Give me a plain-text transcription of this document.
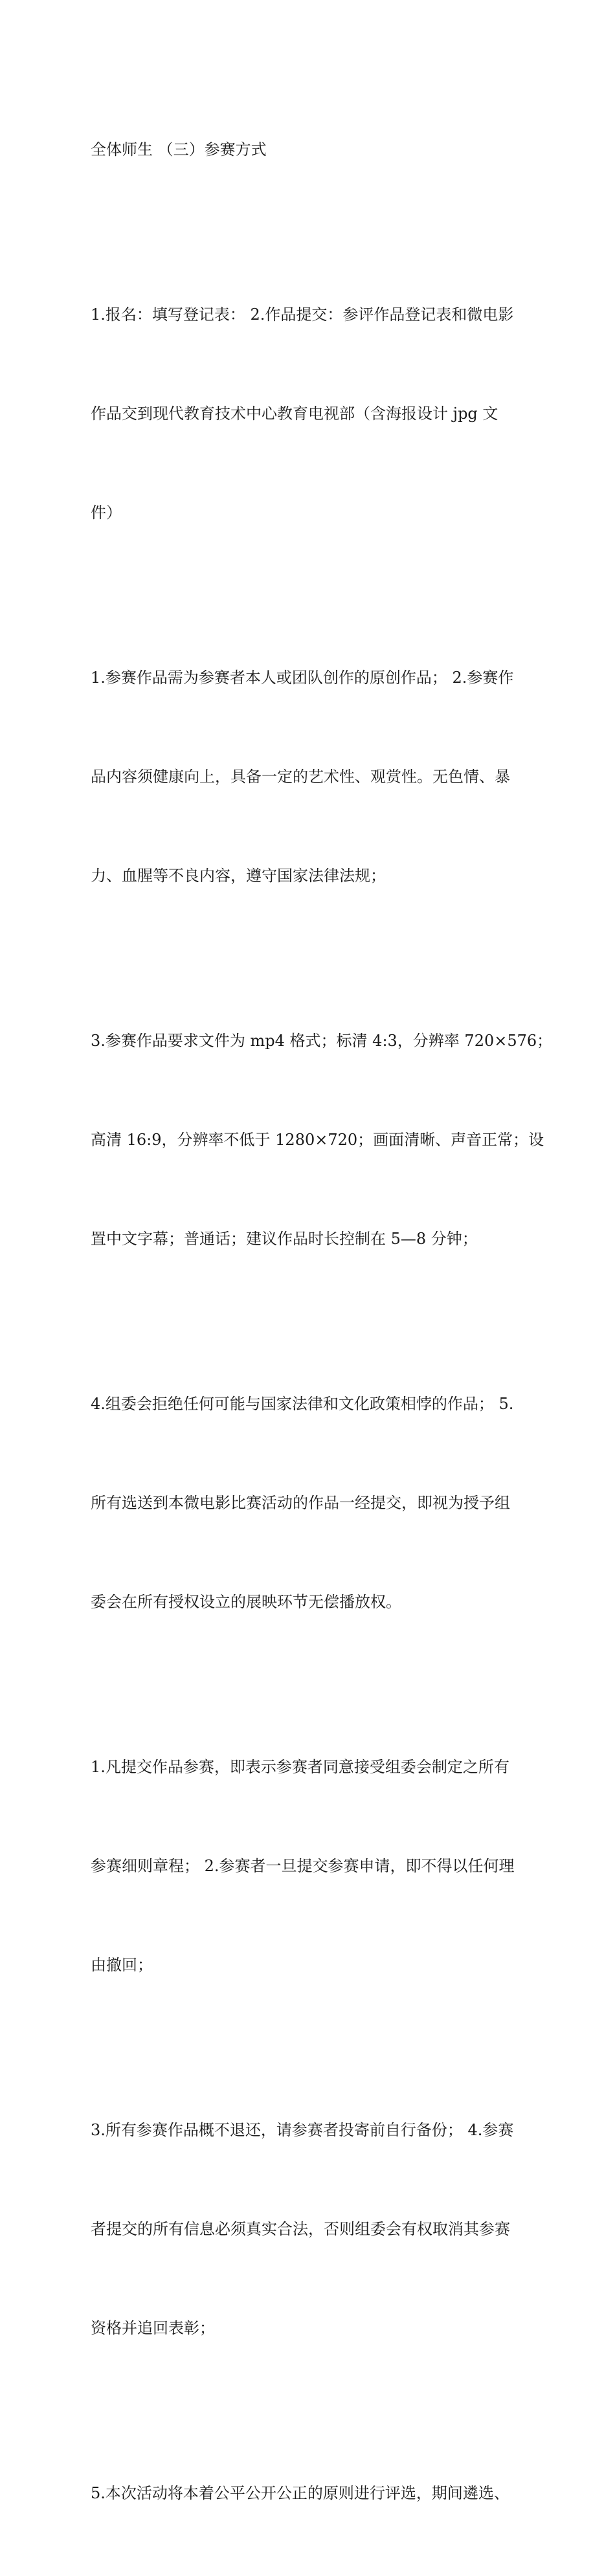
全体师生 （三）参赛方式

1.报名：填写登记表： 2.作品提交：参评作品登记表和微电影

作品交到现代教育技术中心教育电视部（含海报设计 jpg 文

件）

1.参赛作品需为参赛者本人或团队创作的原创作品； 2.参赛作

品内容须健康向上，具备一定的艺术性、观赏性。无色情、暴

力、血腥等不良内容，遵守国家法律法规；

3.参赛作品要求文件为 mp4 格式；标清 4:3，分辨率 720×576；

高清 16:9，分辨率不低于 1280×720；画面清晰、声音正常；设

置中文字幕；普通话；建议作品时长控制在 5—8 分钟；

4.组委会拒绝任何可能与国家法律和文化政策相悖的作品； 5.

所有选送到本微电影比赛活动的作品一经提交，即视为授予组

委会在所有授权设立的展映环节无偿播放权。

1.凡提交作品参赛，即表示参赛者同意接受组委会制定之所有

参赛细则章程； 2.参赛者一旦提交参赛申请，即不得以任何理

由撤回；

3.所有参赛作品概不退还，请参赛者投寄前自行备份； 4.参赛

者提交的所有信息必须真实合法，否则组委会有权取消其参赛

资格并追回表彰；

5.本次活动将本着公平公开公正的原则进行评选，期间遴选、
